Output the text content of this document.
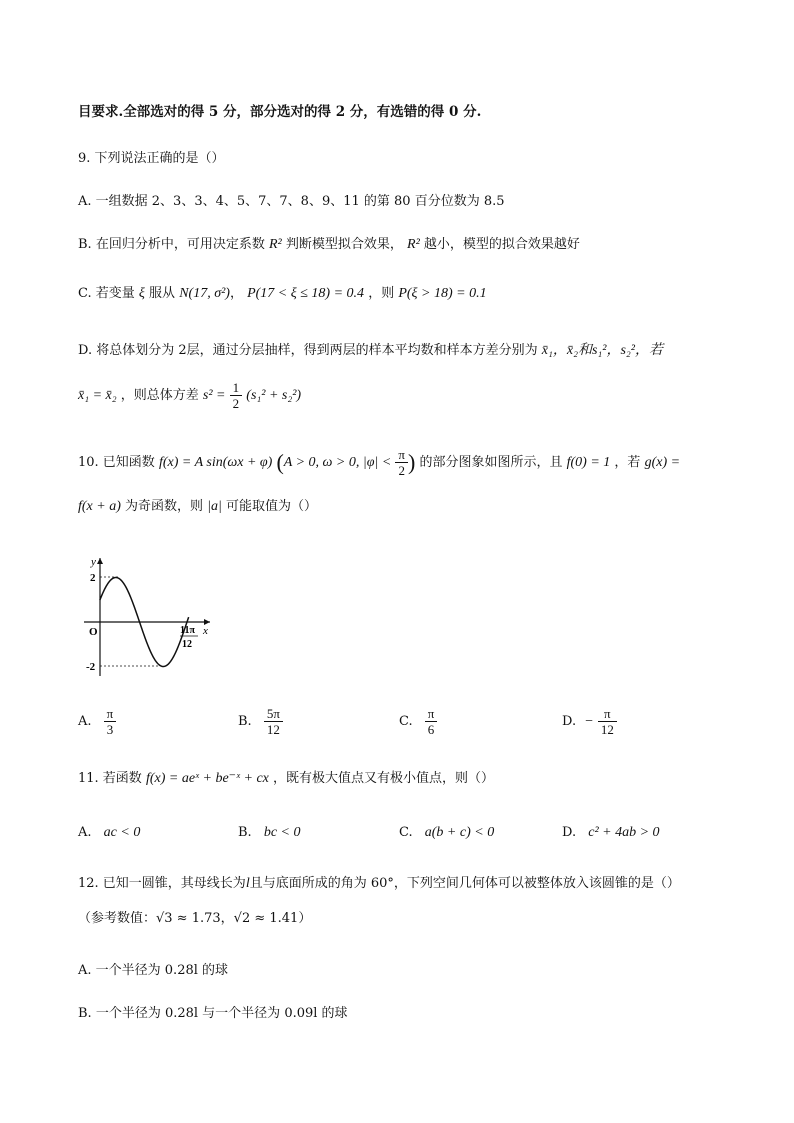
目要求.全部选对的得 5 分，部分选对的得 2 分，有选错的得 0 分.
9. 下列说法正确的是（）
A. 一组数据 2、3、3、4、5、7、7、8、9、11 的第 80 百分位数为 8.5
B. 在回归分析中，可用决定系数 R² 判断模型拟合效果， R² 越小，模型的拟合效果越好
C. 若变量 ξ 服从 N(17, σ²)， P(17 < ξ ≤ 18) = 0.4 ，则 P(ξ > 18) = 0.1
D. 将总体划分为 2层，通过分层抽样，得到两层的样本平均数和样本方差分别为 x̄₁，x̄₂和s₁²，s₂²，若
x̄₁ = x̄₂ ，则总体方差 $s^2 = \frac{1}{2} (s_1^2 + s_2^2)$
10. 已知函数 f(x) = A sin(ωx + φ) (A > 0, ω > 0, $|\varphi| < \frac{\pi}{2}$ ) 的部分图象如图所示，且 f(0) = 1 ，若 g(x) =
f(x + a) 为奇函数，则 |a| 可能取值为（）
y
x
O
2
-2
11π
12
A. $\frac{\pi}{3}$	B. $\frac{5\pi}{12}$	C. $\frac{\pi}{6}$	D. − $\frac{\pi}{12}$
11. 若函数 f(x) = aeˣ + be⁻ˣ + cx ，既有极大值点又有极小值点，则（）
A. ac < 0	B. bc < 0	C. a(b + c) < 0	D. c² + 4ab > 0
12. 已知一圆锥，其母线长为l且与底面所成的角为 60°，下列空间几何体可以被整体放入该圆锥的是（）
（参考数值：√3 ≈ 1.73，√2 ≈ 1.41）
A. 一个半径为 0.28l 的球
B. 一个半径为 0.28l 与一个半径为 0.09l 的球
